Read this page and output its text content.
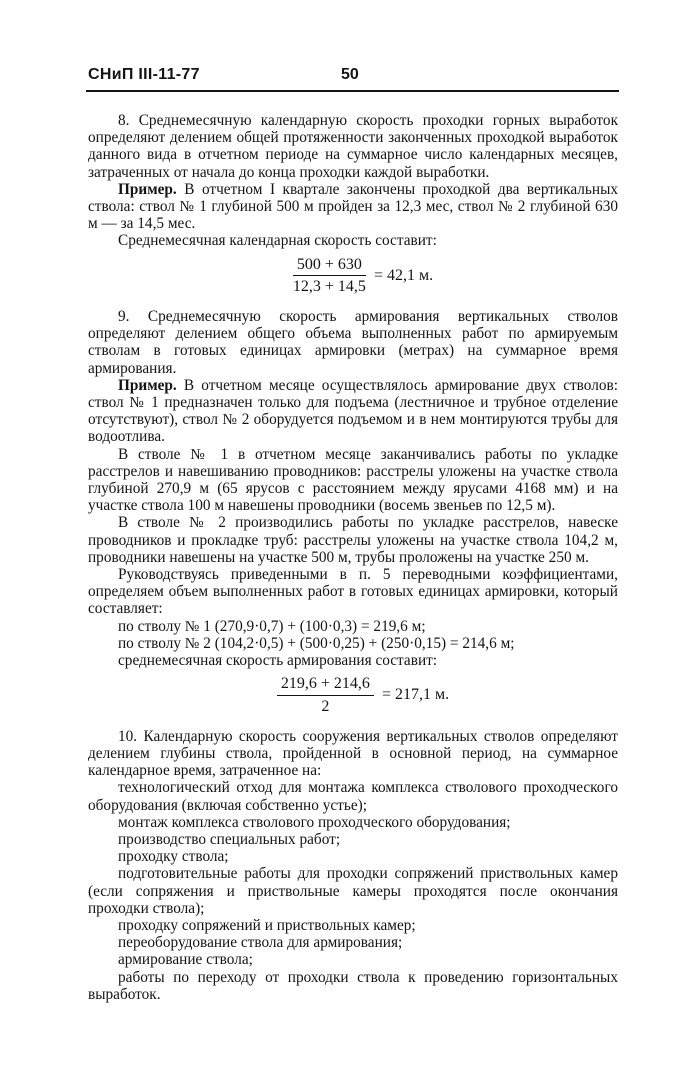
СНиП III-11-77	50

8. Среднемесячную календарную скорость проходки горных выработок определяют делением общей протяженности законченных проходкой выработок данного вида в отчетном периоде на суммарное число календарных месяцев, затраченных от начала до конца проходки каждой выработки.

Пример. В отчетном I квартале закончены проходкой два вертикальных ствола: ствол № 1 глубиной 500 м пройден за 12,3 мес, ствол № 2 глубиной 630 м — за 14,5 мес.

Среднемесячная календарная скорость составит:

$\frac{500 + 630}{12,3 + 14,5} = 42,1$ м.

9. Среднемесячную скорость армирования вертикальных стволов определяют делением общего объема выполненных работ по армируемым стволам в готовых единицах армировки (метрах) на суммарное время армирования.

Пример. В отчетном месяце осуществлялось армирование двух стволов: ствол № 1 предназначен только для подъема (лестничное и трубное отделение отсутствуют), ствол № 2 оборудуется подъемом и в нем монтируются трубы для водоотлива.

В стволе № 1 в отчетном месяце заканчивались работы по укладке расстрелов и навешиванию проводников: расстрелы уложены на участке ствола глубиной 270,9 м (65 ярусов с расстоянием между ярусами 4168 мм) и на участке ствола 100 м навешены проводники (восемь звеньев по 12,5 м).

В стволе № 2 производились работы по укладке расстрелов, навеске проводников и прокладке труб: расстрелы уложены на участке ствола 104,2 м, проводники навешены на участке 500 м, трубы проложены на участке 250 м.

Руководствуясь приведенными в п. 5 переводными коэффициентами, определяем объем выполненных работ в готовых единицах армировки, который составляет:

по стволу № 1 (270,9·0,7) + (100·0,3) = 219,6 м;

по стволу № 2 (104,2·0,5) + (500·0,25) + (250·0,15) = 214,6 м;

среднемесячная скорость армирования составит:

$\frac{219,6 + 214,6}{2} = 217,1$ м.

10. Календарную скорость сооружения вертикальных стволов определяют делением глубины ствола, пройденной в основной период, на суммарное календарное время, затраченное на:

технологический отход для монтажа комплекса стволового проходческого оборудования (включая собственно устье);

монтаж комплекса стволового проходческого оборудования;

производство специальных работ;

проходку ствола;

подготовительные работы для проходки сопряжений приствольных камер (если сопряжения и приствольные камеры проходятся после окончания проходки ствола);

проходку сопряжений и приствольных камер;

переоборудование ствола для армирования;

армирование ствола;

работы по переходу от проходки ствола к проведению горизонтальных выработок.
